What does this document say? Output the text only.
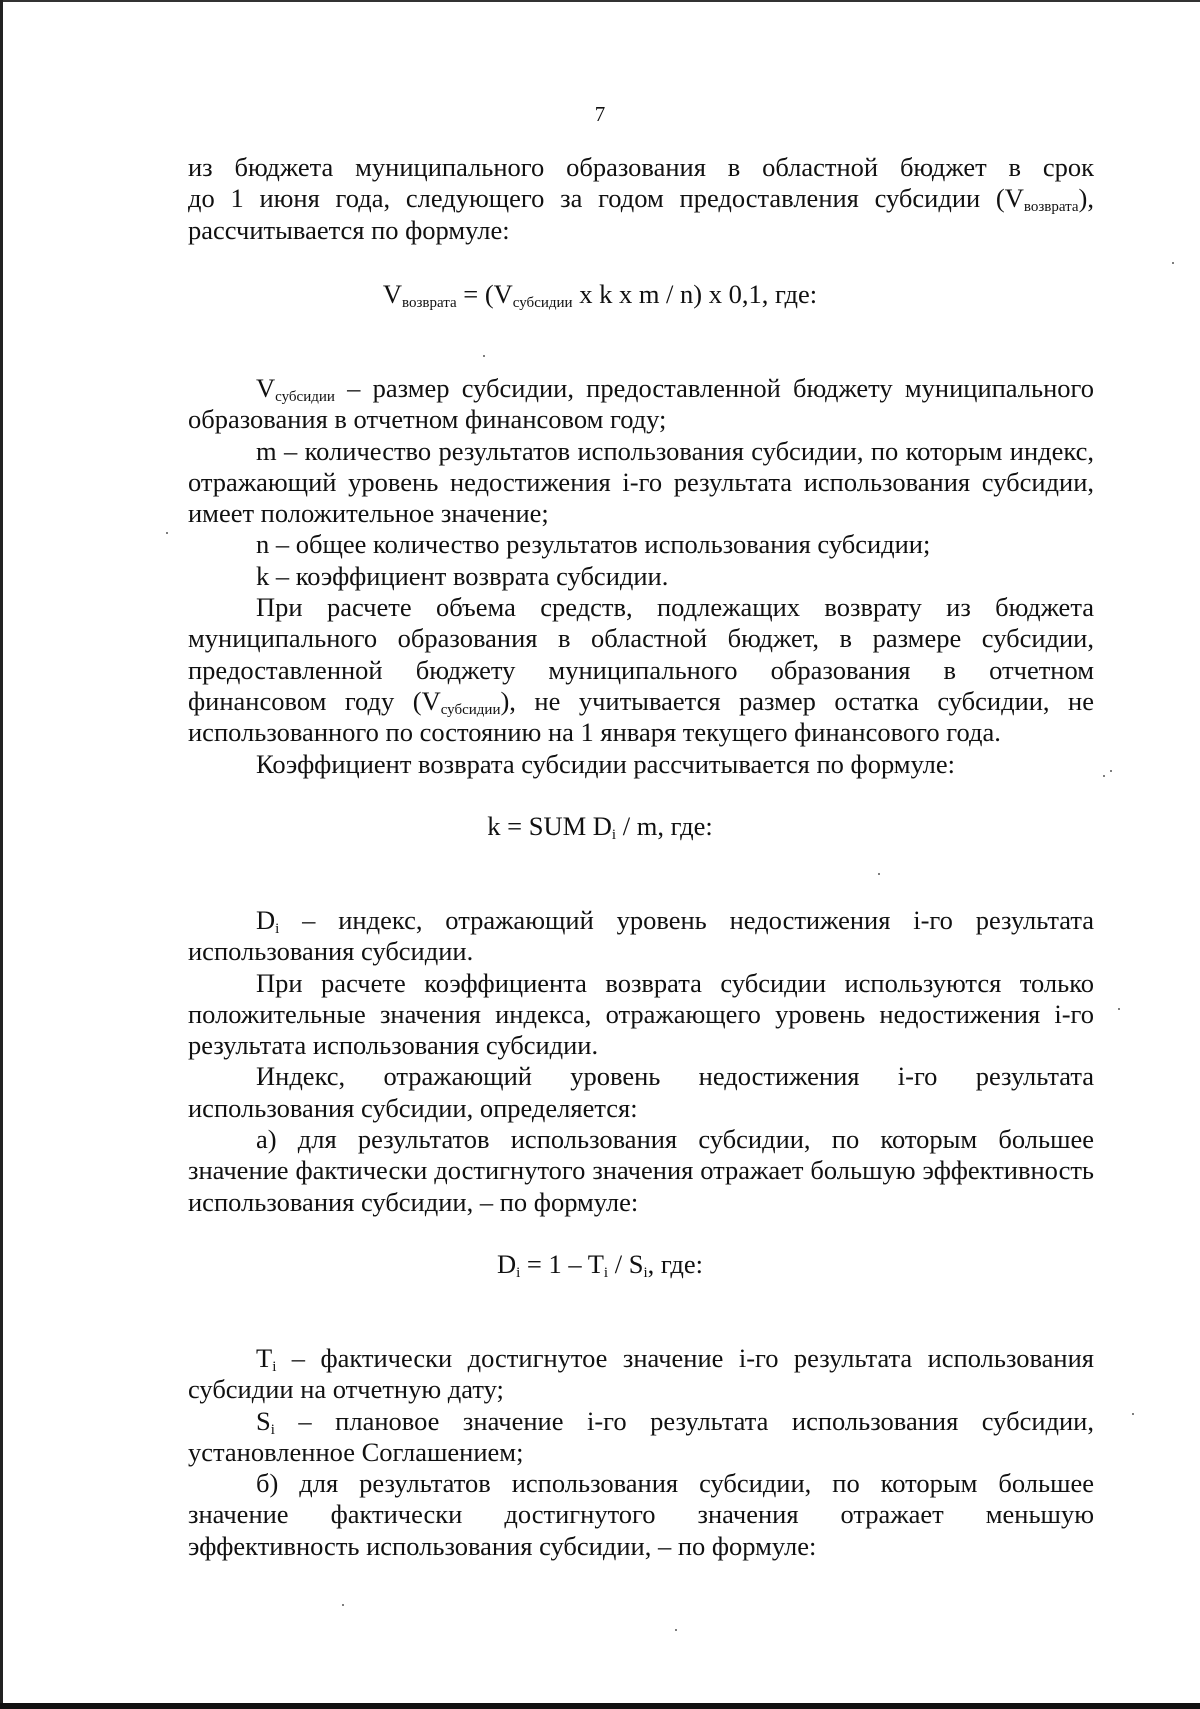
7

из бюджета муниципального образования в областной бюджет в срок

до 1 июня года, следующего за годом предоставления субсидии $(V_{возврата})$,

рассчитывается по формуле:

$V_{возврата} = (V_{субсидии}$ x k x m / n) x 0,1, где:

$V_{субсидии}$ – размер субсидии, предоставленной бюджету муниципального образования в отчетном финансовом году;

m – количество результатов использования субсидии, по которым индекс, отражающий уровень недостижения i-го результата использования субсидии, имеет положительное значение;

n – общее количество результатов использования субсидии;

k – коэффициент возврата субсидии.

При расчете объема средств, подлежащих возврату из бюджета муниципального образования в областной бюджет, в размере субсидии, предоставленной бюджету муниципального образования в отчетном финансовом году $(V_{субсидии})$, не учитывается размер остатка субсидии, не использованного по состоянию на 1 января текущего финансового года.

Коэффициент возврата субсидии рассчитывается по формуле:

k = SUM $D_i$ / m, где:

$D_i$ – индекс, отражающий уровень недостижения i-го результата использования субсидии.

При расчете коэффициента возврата субсидии используются только положительные значения индекса, отражающего уровень недостижения i-го результата использования субсидии.

Индекс, отражающий уровень недостижения i-го результата использования субсидии, определяется:

а) для результатов использования субсидии, по которым большее значение фактически достигнутого значения отражает большую эффективность использования субсидии, – по формуле:

$D_i = 1 - T_i / S_i$, где:

$T_i$ – фактически достигнутое значение i-го результата использования субсидии на отчетную дату;

$S_i$ – плановое значение i-го результата использования субсидии, установленное Соглашением;

б) для результатов использования субсидии, по которым большее значение фактически достигнутого значения отражает меньшую эффективность использования субсидии, – по формуле:
